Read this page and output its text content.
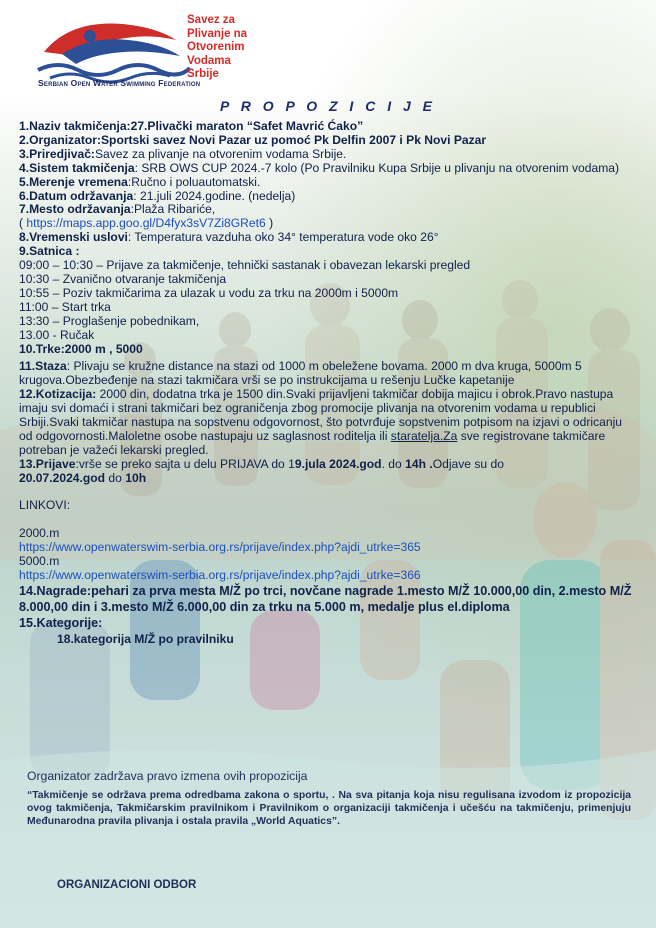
Savez za
Plivanje na
Otvorenim
Vodama
Srbije
Serbian Open Water Swimming Federation
P R O P O Z I C I J E

1.Naziv takmičenja:27.Plivački maraton “Safet Mavrić Ćako”

2.Organizator:Sportski savez Novi Pazar uz pomoć Pk Delfin 2007 i Pk Novi Pazar

3.Priredjivač:Savez za plivanje na otvorenim vodama Srbije.

4.Sistem takmičenja: SRB OWS CUP 2024.-7 kolo (Po Pravilniku Kupa Srbije u plivanju na otvorenim vodama)

5.Merenje vremena:Ručno i poluautomatski.

6.Datum održavanja: 21.juli 2024.godine. (nedelja)

7.Mesto održavanja:Plaža Ribariće,

( https://maps.app.goo.gl/D4fyx3sV7Zi8GRet6 )

8.Vremenski uslovi: Temperatura vazduha oko 34° temperatura vode oko 26°

9.Satnica :

09:00 – 10:30 – Prijave za takmičenje, tehnički sastanak i obavezan lekarski pregled

10:30 – Zvanično otvaranje takmičenja

10:55 – Poziv takmičarima za ulazak u vodu za trku na 2000m i 5000m

11:00 – Start trka

13:30 – Proglašenje pobednikam,

13.00 - Ručak

10.Trke:2000 m , 5000

11.Staza: Plivaju se kružne distance na stazi od 1000 m obeležene bovama. 2000 m dva kruga, 5000m 5 krugova.Obezbeđenje na stazi takmičara vrši se po instrukcijama u rešenju Lučke kapetanije

12.Kotizacija: 2000 din, dodatna trka je 1500 din.Svaki prijavljeni takmičar dobija majicu i obrok.Pravo nastupa imaju svi domaći i strani takmičari bez ograničenja zbog promocije plivanja na otvorenim vodama u republici Srbiji.Svaki takmičar nastupa na sopstvenu odgovornost, što potvrđuje sopstvenim potpisom na izjavi o odricanju od odgovornosti.Maloletne osobe nastupaju uz saglasnost roditelja ili staratelja.Za sve registrovane takmičare potreban je važeći lekarski pregled.

13.Prijave:vrše se preko sajta u delu PRIJAVA do 19.jula 2024.god. do 14h .Odjave su do
20.07.2024.god do 10h

LINKOVI:

2000.m

https://www.openwaterswim-serbia.org.rs/prijave/index.php?ajdi_utrke=365

5000.m

https://www.openwaterswim-serbia.org.rs/prijave/index.php?ajdi_utrke=366

14.Nagrade:pehari za prva mesta M/Ž po trci, novčane nagrade 1.mesto M/Ž 10.000,00 din, 2.mesto M/Ž 8.000,00 din i 3.mesto M/Ž 6.000,00 din za trku na 5.000 m, medalje plus el.diploma

15.Kategorije:

18.kategorija M/Ž po pravilniku

Organizator zadržava pravo izmena ovih propozicija
“Takmičenje se održava prema odredbama zakona o sportu, . Na sva pitanja koja nisu regulisana izvodom iz propozicija ovog takmičenja, Takmičarskim pravilnikom i Pravilnikom o organizaciji takmičenja i učešću na takmičenju, primenjuju Međunarodna pravila plivanja i ostala pravila „World Aquatics”.
ORGANIZACIONI ODBOR
